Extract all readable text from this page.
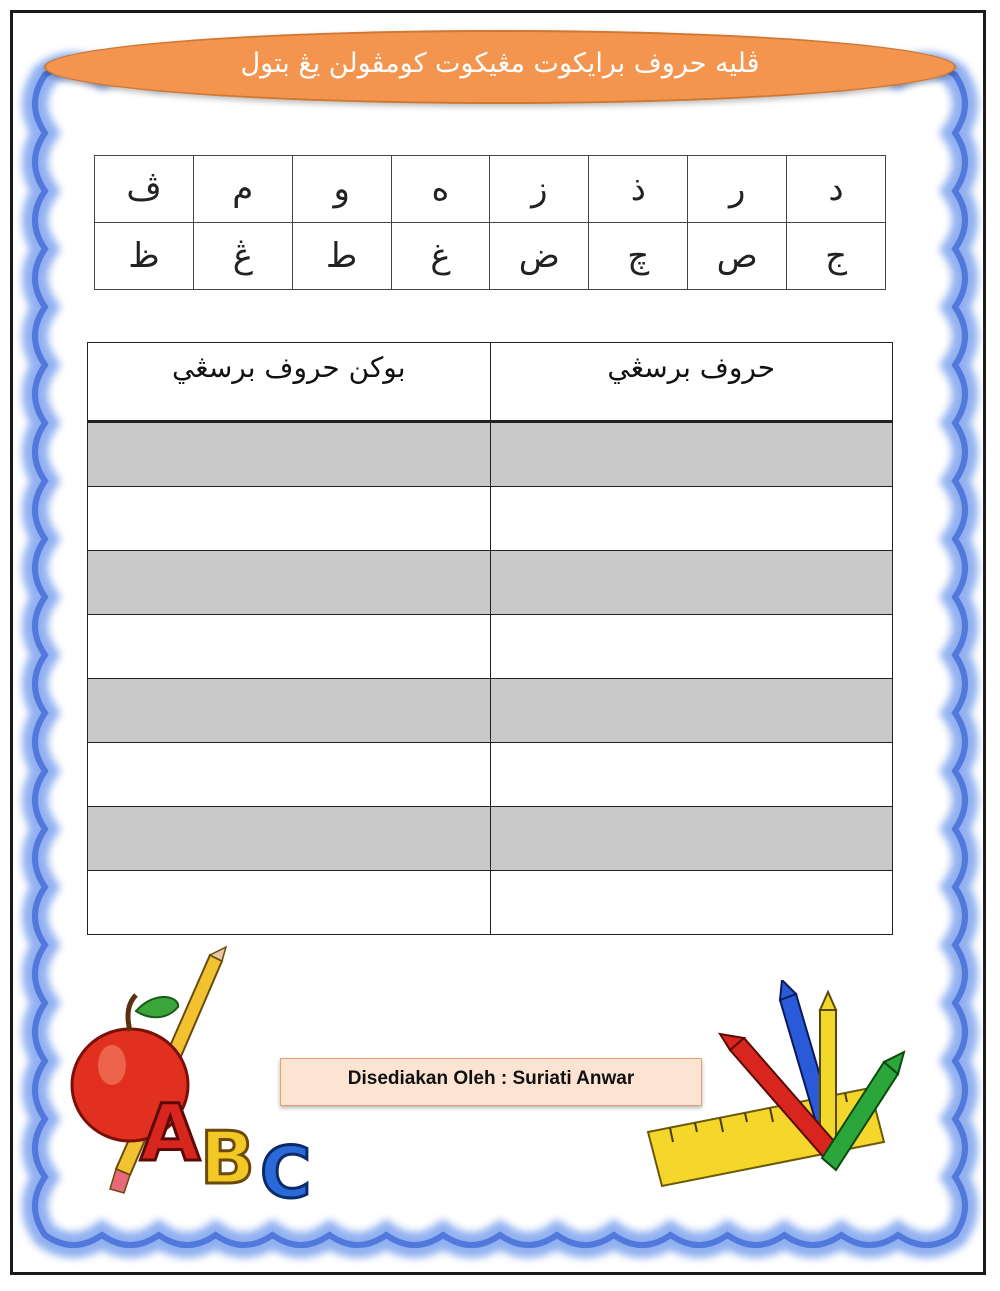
ڤليه حروف برايكوت مڠيكوت كومڤولن يڠ بتول
ڤ	م	و	ه	ز	ذ	ر	د
ظ	ڠ	ط	غ	ض	چ	ص	ج
بوكن حروف برسڠي	حروف برسڠي

A B C
Disediakan Oleh : Suriati Anwar
